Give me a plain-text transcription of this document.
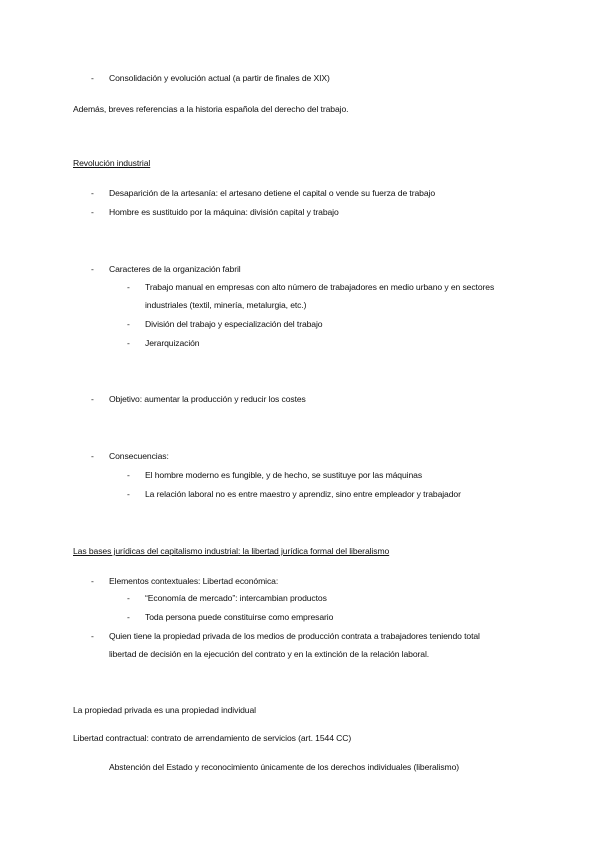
- Consolidación y evolución actual (a partir de finales de XIX)
Además, breves referencias a la historia española del derecho del trabajo.
Revolución industrial
- Desaparición de la artesanía: el artesano detiene el capital o vende su fuerza de trabajo
- Hombre es sustituido por la máquina: división capital y trabajo
- Caracteres de la organización fabril
- Trabajo manual en empresas con alto número de trabajadores en medio urbano y en sectores
industriales (textil, minería, metalurgia, etc.)
- División del trabajo y especialización del trabajo
- Jerarquización
- Objetivo: aumentar la producción y reducir los costes
- Consecuencias:
- El hombre moderno es fungible, y de hecho, se sustituye por las máquinas
- La relación laboral no es entre maestro y aprendiz, sino entre empleador y trabajador
Las bases jurídicas del capitalismo industrial: la libertad jurídica formal del liberalismo
- Elementos contextuales: Libertad económica:
- “Economía de mercado”: intercambian productos
- Toda persona puede constituirse como empresario
- Quien tiene la propiedad privada de los medios de producción contrata a trabajadores teniendo total
libertad de decisión en la ejecución del contrato y en la extinción de la relación laboral.
La propiedad privada es una propiedad individual
Libertad contractual: contrato de arrendamiento de servicios (art. 1544 CC)
Abstención del Estado y reconocimiento únicamente de los derechos individuales (liberalismo)
